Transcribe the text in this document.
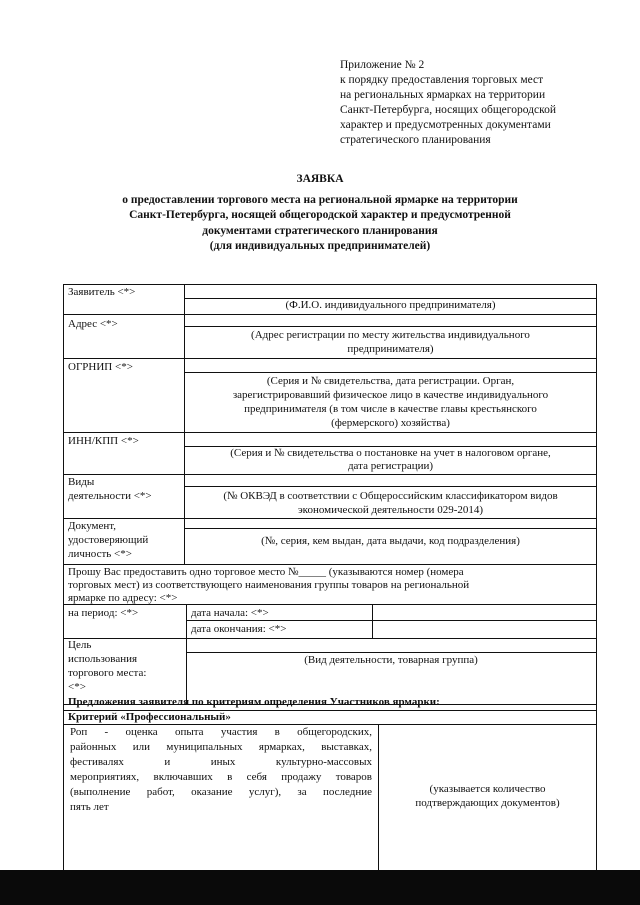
Приложение № 2
к порядку предоставления торговых мест
на региональных ярмарках на территории
Санкт-Петербурга, носящих общегородской
характер и предусмотренных документами
стратегического планирования
ЗАЯВКА
о предоставлении торгового места на региональной ярмарке на территории
Санкт-Петербурга, носящей общегородской характер и предусмотренной
документами стратегического планирования
(для индивидуальных предпринимателей)
Заявитель <*>
(Ф.И.О. индивидуального предпринимателя)
Адрес <*>
(Адрес регистрации по месту жительства индивидуального
предпринимателя)
ОГРНИП <*>
(Серия и № свидетельства, дата регистрации. Орган,
зарегистрировавший физическое лицо в качестве индивидуального
предпринимателя (в том числе в качестве главы крестьянского
(фермерского) хозяйства)
ИНН/КПП <*>
(Серия и № свидетельства о постановке на учет в налоговом органе,
дата регистрации)
Виды
деятельности <*>	(№ ОКВЭД в соответствии с Общероссийским классификатором видов
экономической деятельности 029-2014)
Документ,
удостоверяющий
личность <*>
(№, серия, кем выдан, дата выдачи, код подразделения)
Прошу Вас предоставить одно торговое место №_____ (указываются номер (номера
торговых мест) из соответствующего наименования группы товаров на региональной
ярмарке по адресу: <*>
на период: <*>	дата начала: <*>
дата окончания: <*>
Цель
использования
торгового места:
<*>
(Вид деятельности, товарная группа)
Предложения заявителя по критериям определения Участников ярмарки:
Критерий «Профессиональный»
Роп - оценка опыта участия в общегородских,
районных или муниципальных ярмарках, выставках,
фестивалях и иных культурно-массовых
мероприятиях, включавших в себя продажу товаров
(выполнение работ, оказание услуг), за последние
пять лет
(указывается количество
подтверждающих документов)
